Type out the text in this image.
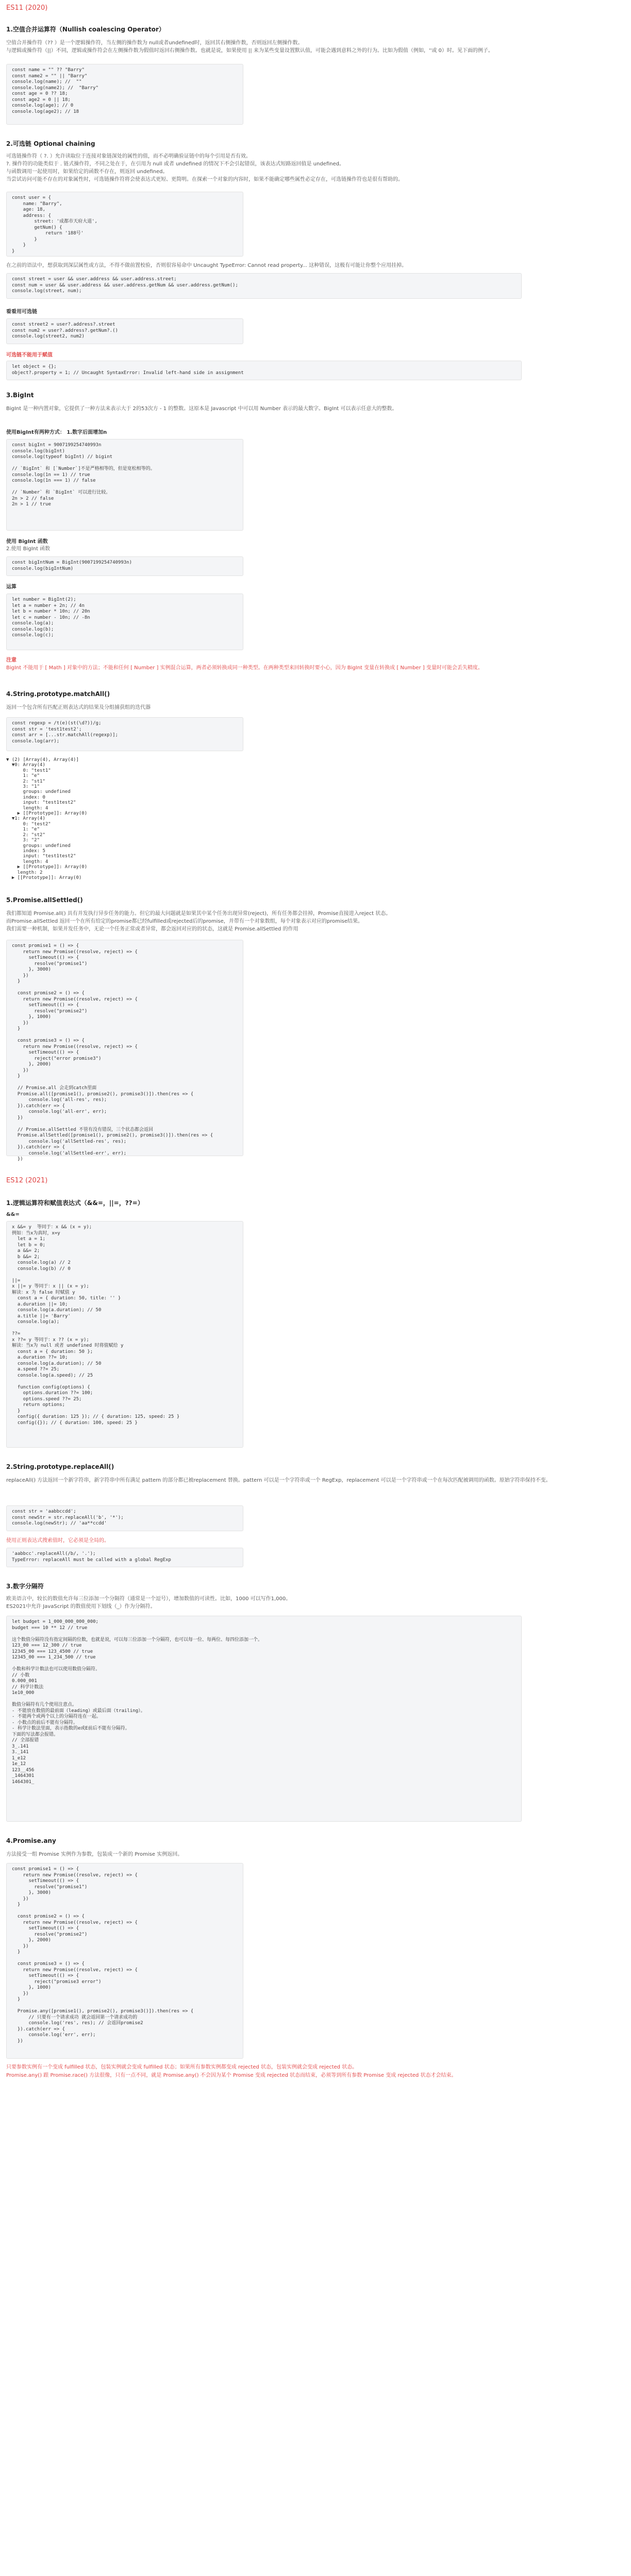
ES11 (2020)
1.空值合并运算符（Nullish coalescing Operator）
空值合并操作符（?? ）是一个逻辑操作符，当左侧的操作数为 null或者undefined时，返回其右侧操作数，否则返回左侧操作数。
与逻辑或操作符（||）不同，逻辑或操作符会在左侧操作数为假值时返回右侧操作数。也就是说，如果使用 || 来为某些变量设置默认值，可能会遇到意料之外的行为。比如为假值（例如，''或 0）时。见下面的例子。
const name = "" ?? "Barry"
const name2 = "" || "Barry"
console.log(name); //  ""
console.log(name2); //  "Barry"
const age = 0 ?? 18;
const age2 = 0 || 18;
console.log(age); // 0
console.log(age2); // 18
2.可选链 Optional chaining
可选链操作符（ ?. ）允许读取位于连接对象链深处的属性的值，而不必明确验证链中的每个引用是否有效。
?. 操作符的功能类似于 . 链式操作符，不同之处在于，在引用为 null 或者 undefined 的情况下不会引起错误，该表达式短路返回值是 undefined。
与函数调用一起使用时，如果给定的函数不存在，则返回 undefined。
当尝试访问可能不存在的对象属性时，可选链操作符将会使表达式更短、更简明。在探索一个对象的内容时，如果不能确定哪些属性必定存在，可选链操作符也是很有帮助的。
const user = {
name: "Barry",
age: 18,
address: {
street: '成都市天府大道',
getNum() {
return '188号'
}
}
}
在之前的语法中，想获取到深层属性或方法，不得不做前置校验，否则很容易命中 Uncaught TypeError: Cannot read property... 这种错误，这极有可能让你整个应用挂掉。
const street = user && user.address && user.address.street;
const num = user && user.address && user.address.getNum && user.address.getNum();
console.log(street, num);
看看用可选链
const street2 = user?.address?.street
const num2 = user?.address?.getNum?.()
console.log(street2, num2)
可选链不能用于赋值
let object = {};
object?.property = 1; // Uncaught SyntaxError: Invalid left-hand side in assignment
3.BigInt
BigInt 是一种内置对象，它提供了一种方法来表示大于 2的53次方 - 1 的整数。这原本是 Javascript 中可以用 Number 表示的最大数字。BigInt 可以表示任意大的整数。
使用BigInt有两种方式： 1.数字后面增加n
const bigInt = 9007199254740993n
console.log(bigInt)
console.log(typeof bigInt) // bigint

// `BigInt` 和 [`Number`]不是严格相等的，但是宽松相等的。
console.log(1n == 1) // true
console.log(1n === 1) // false

// `Number` 和 `BigInt` 可以进行比较。
2n > 2 // false
2n > 1 // true
使用 BigInt 函数
2.使用 BigInt 函数
const bigIntNum = BigInt(9007199254740993n)
console.log(bigIntNum)
运算
let number = BigInt(2);
let a = number + 2n; // 4n
let b = number * 10n; // 20n
let c = number - 10n; // -8n
console.log(a);
console.log(b);
console.log(c);
注意
BigInt 不能用于 [ Math ] 对象中的方法；不能和任何 [ Number ] 实例混合运算，两者必须转换成同一种类型。在两种类型来回转换时要小心，因为 BigInt 变量在转换成 [ Number ] 变量时可能会丢失精度。
4.String.prototype.matchAll()
返回一个包含所有匹配正则表达式的结果及分组捕获组的迭代器
const regexp = /t(e)(st(\d?))/g;
const str = 'test1test2';
const arr = [...str.matchAll(regexp)];
console.log(arr);
▼ (2) [Array(4), Array(4)]
▼0: Array(4)
0: "test1"
1: "e"
2: "st1"
3: "1"
groups: undefined
index: 0
input: "test1test2"
length: 4
▶ [[Prototype]]: Array(0)
▼1: Array(4)
0: "test2"
1: "e"
2: "st2"
3: "2"
groups: undefined
index: 5
input: "test1test2"
length: 4
▶ [[Prototype]]: Array(0)
length: 2
▶ [[Prototype]]: Array(0)
5.Promise.allSettled()
我们都知道 Promise.all() 具有并发执行异步任务的能力。但它的最大问题就是如果其中某个任务出现异常(reject)，所有任务都会挂掉，Promise直接进入reject 状态。
而Promise.allSettled 返回一个在所有给定的promise都已经fulfilled或rejected后的promise，并带有一个对象数组，每个对象表示对应的promise结果。
我们需要一种机制，如果并发任务中，无论一个任务正常或者异常，都会返回对应的的状态，这就是 Promise.allSettled 的作用
const promise1 = () => {
return new Promise((resolve, reject) => {
setTimeout(() => {
resolve("promise1")
}, 3000)
})
}

const promise2 = () => {
return new Promise((resolve, reject) => {
setTimeout(() => {
resolve("promise2")
}, 1000)
})
}

const promise3 = () => {
return new Promise((resolve, reject) => {
setTimeout(() => {
reject("error promise3")
}, 2000)
})
}

// Promise.all 会走到catch里面
Promise.all([promise1(), promise2(), promise3()]).then(res => {
console.log('all-res', res);
}).catch(err => {
console.log('all-err', err);
})

// Promise.allSettled 不管有没有错误，三个状态都会返回
Promise.allSettled([promise1(), promise2(), promise3()]).then(res => {
console.log('allSettled-res', res);
}).catch(err => {
console.log('allSettled-err', err);
})
ES12 (2021)
1.逻辑运算符和赋值表达式（&&=，||=，??=）
&&=
x &&= y  等同于：x && (x = y);
例如：当x为真时，x=y
let a = 1;
let b = 0;
a &&= 2;
b &&= 2;
console.log(a) // 2
console.log(b) // 0

||=
x ||= y 等同于：x || (x = y);
解读：x 为 false 时赋值 y
const a = { duration: 50, title: '' }
a.duration ||= 10;
console.log(a.duration); // 50
a.title ||= 'Barry'
console.log(a);

??=
x ??= y 等同于：x ?? (x = y);
解读：当x为 null 或者 undefined 时将值赋给 y
const a = { duration: 50 };
a.duration ??= 10;
console.log(a.duration); // 50
a.speed ??= 25;
console.log(a.speed); // 25

function config(options) {
options.duration ??= 100;
options.speed ??= 25;
return options;
}
config({ duration: 125 }); // { duration: 125, speed: 25 }
config({}); // { duration: 100, speed: 25 }
2.String.prototype.replaceAll()
replaceAll() 方法返回一个新字符串，新字符串中所有满足 pattern 的部分都已被replacement 替换。pattern 可以是一个字符串或一个 RegExp，replacement 可以是一个字符串或一个在每次匹配被调用的函数。原始字符串保持不变。
const str = 'aabbccdd';
const newStr = str.replaceAll('b', '*');
console.log(newStr); // 'aa**ccdd'
使用正则表达式搜索值时，它必须是全局的。
'aabbcc'.replaceAll(/b/, '.');
TypeError: replaceAll must be called with a global RegExp
3.数字分隔符
欧美语言中，较长的数值允许每三位添加一个分隔符（通常是一个逗号），增加数值的可读性。比如，1000 可以写作1,000。
ES2021中允许 JavaScript 的数值使用下划线（_）作为分隔符。
let budget = 1_000_000_000_000;
budget === 10 ** 12 // true

这个数值分隔符没有指定间隔的位数，也就是说，可以每三位添加一个分隔符，也可以每一位、每两位、每四位添加一个。
123_00 === 12_300 // true
12345_00 === 123_4500 // true
12345_00 === 1_234_500 // true

小数和科学计数法也可以使用数值分隔符。
// 小数
0.000_001
// 科学计数法
1e10_000

数值分隔符有几个使用注意点。
- 不能放在数值的最前面（leading）或最后面（trailing）。
- 不能两个或两个以上的分隔符连在一起。
- 小数点的前后不能有分隔符。
- 科学计数法里面，表示指数的e或E前后不能有分隔符。
下面的写法都会报错。
// 全部报错
3_.141
3._141
1_e12
1e_12
123__456
_1464301
1464301_
4.Promise.any
方法接受一组 Promise 实例作为参数，包装成一个新的 Promise 实例返回。
const promise1 = () => {
return new Promise((resolve, reject) => {
setTimeout(() => {
resolve("promise1")
}, 3000)
})
}

const promise2 = () => {
return new Promise((resolve, reject) => {
setTimeout(() => {
resolve("promise2")
}, 2000)
})
}

const promise3 = () => {
return new Promise((resolve, reject) => {
setTimeout(() => {
reject("promise3 error")
}, 1000)
})
}

Promise.any([promise1(), promise2(), promise3()]).then(res => {
// 只要有一个请求成功 就会返回第一个请求成功的
console.log('res', res); // 会返回promise2
}).catch(err => {
console.log('err', err);
})
只要参数实例有一个变成 fulfilled 状态，包装实例就会变成 fulfilled 状态；如果所有参数实例都变成 rejected 状态，包装实例就会变成 rejected 状态。
Promise.any() 跟 Promise.race() 方法很像，只有一点不同，就是 Promise.any() 不会因为某个 Promise 变成 rejected 状态而结束，必须等到所有参数 Promise 变成 rejected 状态才会结束。
